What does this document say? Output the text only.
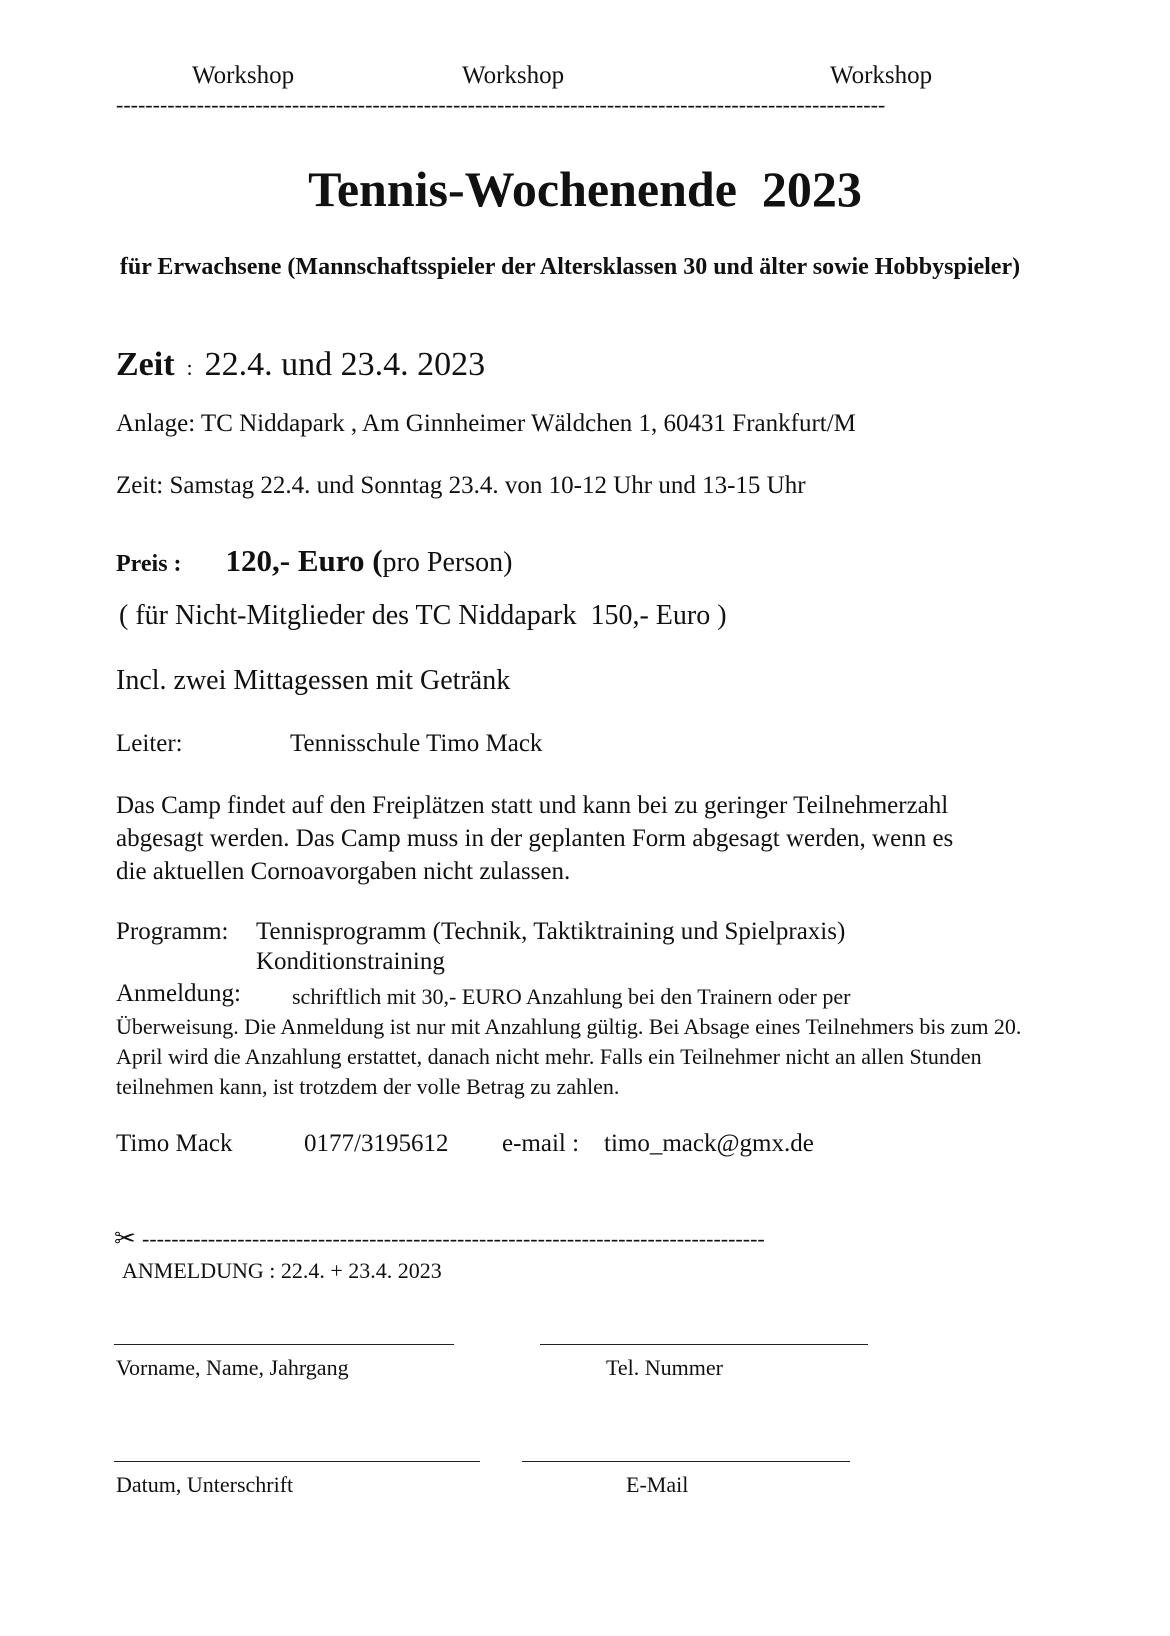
Workshop	Workshop	Workshop
---------------------------------------------------------------------------------------------------------
Tennis-Wochenende  2023
für Erwachsene (Mannschaftsspieler der Altersklassen 30 und älter sowie Hobbyspieler)
Zeit : 22.4. und 23.4. 2023
Anlage: TC Niddapark , Am Ginnheimer Wäldchen 1, 60431 Frankfurt/M
Zeit: Samstag 22.4. und Sonntag 23.4. von 10-12 Uhr und 13-15 Uhr
Preis : 120,- Euro (pro Person)
( für Nicht-Mitglieder des TC Niddapark  150,- Euro )
Incl. zwei Mittagessen mit Getränk
Leiter:	Tennisschule Timo Mack
Das Camp findet auf den Freiplätzen statt und kann bei zu geringer Teilnehmerzahl abgesagt werden. Das Camp muss in der geplanten Form abgesagt werden, wenn es die aktuellen Cornoavorgaben nicht zulassen.
Programm: Tennisprogramm (Technik, Taktiktraining und Spielpraxis)
Konditionstraining
Anmeldung: schriftlich mit 30,- EURO Anzahlung bei den Trainern oder per
Überweisung. Die Anmeldung ist nur mit Anzahlung gültig. Bei Absage eines Teilnehmers bis zum 20. April wird die Anzahlung erstattet, danach nicht mehr. Falls ein Teilnehmer nicht an allen Stunden teilnehmen kann, ist trotzdem der volle Betrag zu zahlen.
Timo Mack	0177/3195612 e-mail : timo_mack@gmx.de
✂ -------------------------------------------------------------------------------------
ANMELDUNG : 22.4. + 23.4. 2023
Vorname, Name, Jahrgang	Tel. Nummer
Datum, Unterschrift	E-Mail
